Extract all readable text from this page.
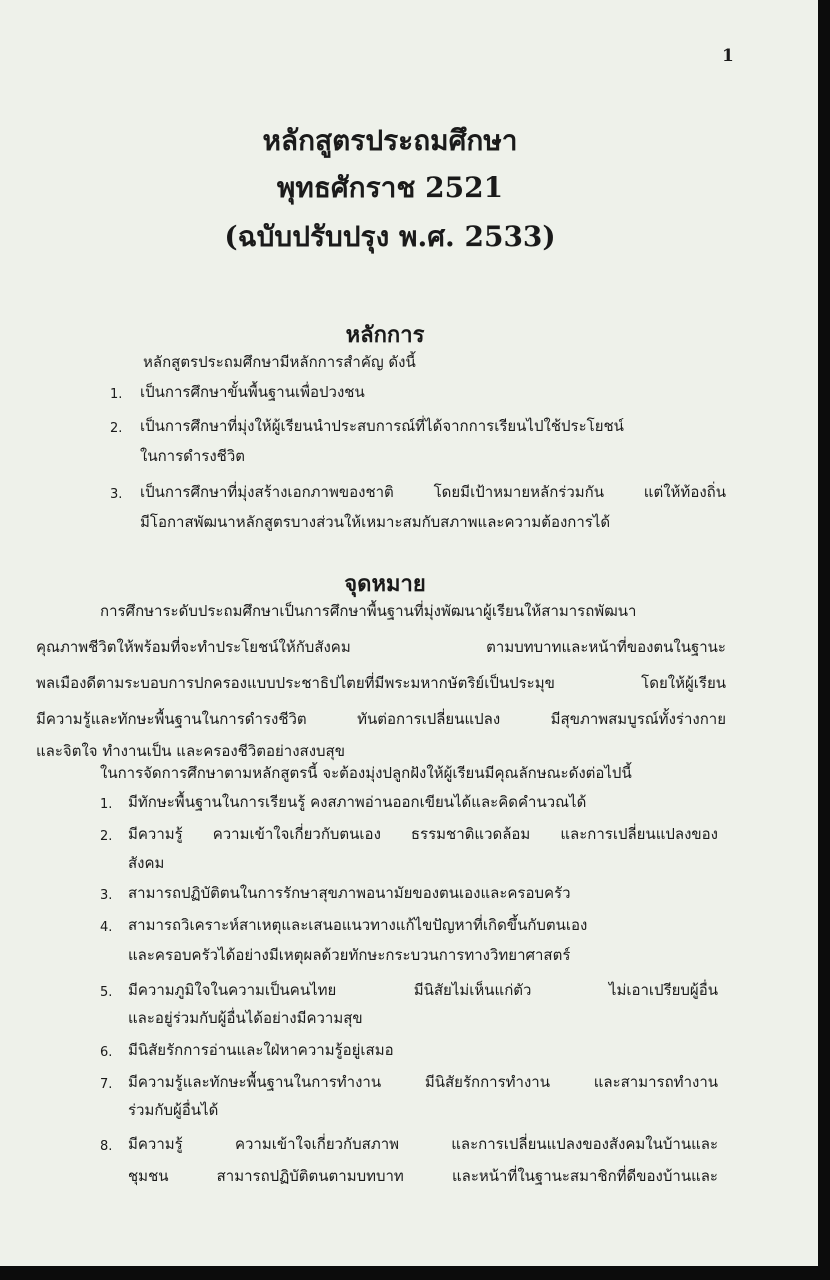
1
หลักสูตรประถมศึกษา
พุทธศักราช 2521
(ฉบับปรับปรุง พ.ศ. 2533)
หลักการ
หลักสูตรประถมศึกษามีหลักการสำคัญ ดังนี้
1. เป็นการศึกษาขั้นพื้นฐานเพื่อปวงชน
2. เป็นการศึกษาที่มุ่งให้ผู้เรียนนำประสบการณ์ที่ได้จากการเรียนไปใช้ประโยชน์
ในการดำรงชีวิต
3. เป็นการศึกษาที่มุ่งสร้างเอกภาพของชาติ โดยมีเป้าหมายหลักร่วมกัน แต่ให้ท้องถิ่น
มีโอกาสพัฒนาหลักสูตรบางส่วนให้เหมาะสมกับสภาพและความต้องการได้
จุดหมาย
การศึกษาระดับประถมศึกษาเป็นการศึกษาพื้นฐานที่มุ่งพัฒนาผู้เรียนให้สามารถพัฒนา
คุณภาพชีวิตให้พร้อมที่จะทำประโยชน์ให้กับสังคม ตามบทบาทและหน้าที่ของตนในฐานะ
พลเมืองดีตามระบอบการปกครองแบบประชาธิปไตยที่มีพระมหากษัตริย์เป็นประมุข โดยให้ผู้เรียน
มีความรู้และทักษะพื้นฐานในการดำรงชีวิต ทันต่อการเปลี่ยนแปลง มีสุขภาพสมบูรณ์ทั้งร่างกาย
และจิตใจ ทำงานเป็น และครองชีวิตอย่างสงบสุข
ในการจัดการศึกษาตามหลักสูตรนี้ จะต้องมุ่งปลูกฝังให้ผู้เรียนมีคุณลักษณะดังต่อไปนี้
1. มีทักษะพื้นฐานในการเรียนรู้ คงสภาพอ่านออกเขียนได้และคิดคำนวณได้
2. มีความรู้ ความเข้าใจเกี่ยวกับตนเอง ธรรมชาติแวดล้อม และการเปลี่ยนแปลงของ
สังคม
3. สามารถปฏิบัติตนในการรักษาสุขภาพอนามัยของตนเองและครอบครัว
4. สามารถวิเคราะห์สาเหตุและเสนอแนวทางแก้ไขปัญหาที่เกิดขึ้นกับตนเอง
และครอบครัวได้อย่างมีเหตุผลด้วยทักษะกระบวนการทางวิทยาศาสตร์
5. มีความภูมิใจในความเป็นคนไทย มีนิสัยไม่เห็นแก่ตัว ไม่เอาเปรียบผู้อื่น
และอยู่ร่วมกับผู้อื่นได้อย่างมีความสุข
6. มีนิสัยรักการอ่านและใฝ่หาความรู้อยู่เสมอ
7. มีความรู้และทักษะพื้นฐานในการทำงาน มีนิสัยรักการทำงาน และสามารถทำงาน
ร่วมกับผู้อื่นได้
8. มีความรู้ ความเข้าใจเกี่ยวกับสภาพ และการเปลี่ยนแปลงของสังคมในบ้านและ
ชุมชน สามารถปฏิบัติตนตามบทบาท และหน้าที่ในฐานะสมาชิกที่ดีของบ้านและ
